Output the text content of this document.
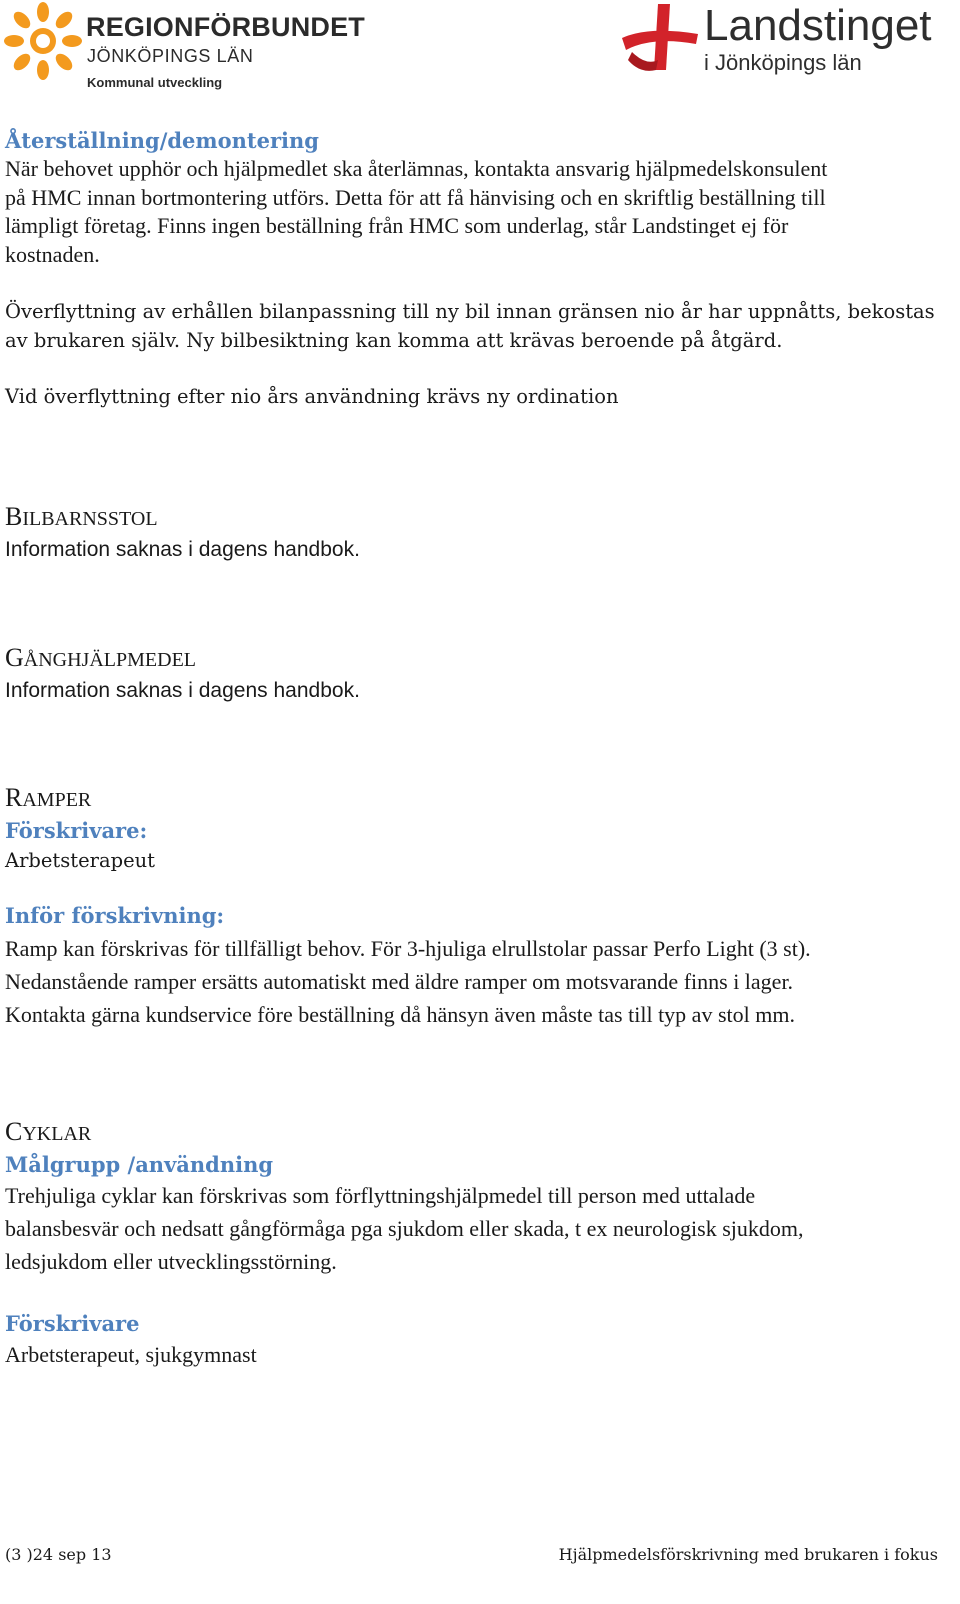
REGIONFÖRBUNDET
JÖNKÖPINGS LÄN
Kommunal utveckling
Landstinget
i Jönköpings län
Återställning/demontering
När behovet upphör och hjälpmedlet ska återlämnas, kontakta ansvarig hjälpmedelskonsulent
på HMC innan bortmontering utförs. Detta för att få hänvising och en skriftlig beställning till
lämpligt företag. Finns ingen beställning från HMC som underlag, står Landstinget ej för
kostnaden.
Överflyttning av erhållen bilanpassning till ny bil innan gränsen nio år har uppnåtts, bekostas
av brukaren själv. Ny bilbesiktning kan komma att krävas beroende på åtgärd.
Vid överflyttning efter nio års användning krävs ny ordination
BILBARNSSTOL
Information saknas i dagens handbok.
GÅNGHJÄLPMEDEL
Information saknas i dagens handbok.
RAMPER
Förskrivare:
Arbetsterapeut
Inför förskrivning:
Ramp kan förskrivas för tillfälligt behov. För 3-hjuliga elrullstolar passar Perfo Light (3 st).
Nedanstående ramper ersätts automatiskt med äldre ramper om motsvarande finns i lager.
Kontakta gärna kundservice före beställning då hänsyn även måste tas till typ av stol mm.
CYKLAR
Målgrupp /användning
Trehjuliga cyklar kan förskrivas som förflyttningshjälpmedel till person med uttalade
balansbesvär och nedsatt gångförmåga pga sjukdom eller skada, t ex neurologisk sjukdom,
ledsjukdom eller utvecklingsstörning.
Förskrivare
Arbetsterapeut, sjukgymnast
(3 )24 sep 13	Hjälpmedelsförskrivning med brukaren i fokus
